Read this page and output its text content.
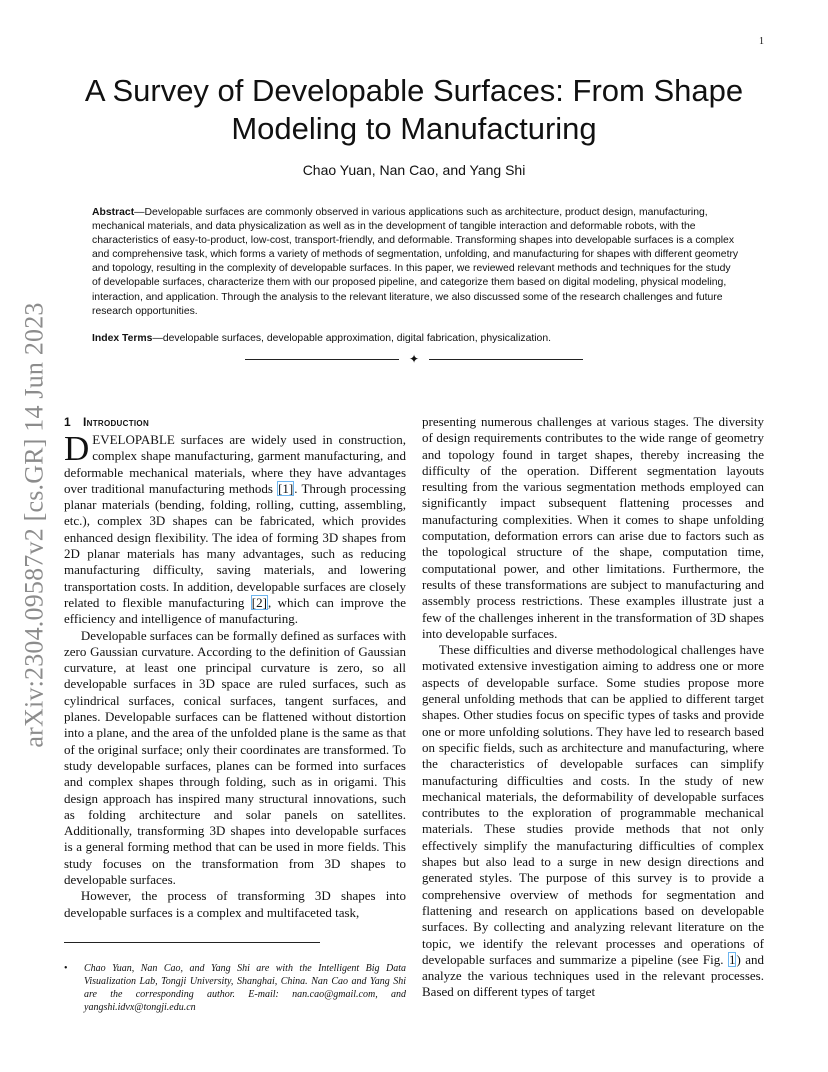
1
arXiv:2304.09587v2 [cs.GR] 14 Jun 2023
A Survey of Developable Surfaces: From Shape Modeling to Manufacturing
Chao Yuan, Nan Cao, and Yang Shi

Abstract—Developable surfaces are commonly observed in various applications such as architecture, product design, manufacturing, mechanical materials, and data physicalization as well as in the development of tangible interaction and deformable robots, with the characteristics of easy-to-product, low-cost, transport-friendly, and deformable. Transforming shapes into developable surfaces is a complex and comprehensive task, which forms a variety of methods of segmentation, unfolding, and manufacturing for shapes with different geometry and topology, resulting in the complexity of developable surfaces. In this paper, we reviewed relevant methods and techniques for the study of developable surfaces, characterize them with our proposed pipeline, and categorize them based on digital modeling, physical modeling, interaction, and application. Through the analysis to the relevant literature, we also discussed some of the research challenges and future research opportunities.

Index Terms—developable surfaces, developable approximation, digital fabrication, physicalization.

✦
1 Introduction

DEVELOPABLE surfaces are widely used in construction, complex shape manufacturing, garment manufacturing, and deformable mechanical materials, where they have advantages over traditional manufacturing methods [1]. Through processing planar materials (bending, folding, rolling, cutting, assembling, etc.), complex 3D shapes can be fabricated, which provides enhanced design flexibility. The idea of forming 3D shapes from 2D planar materials has many advantages, such as reducing manufacturing difficulty, saving materials, and lowering transportation costs. In addition, developable surfaces are closely related to flexible manufacturing [2], which can improve the efficiency and intelligence of manufacturing.

Developable surfaces can be formally defined as surfaces with zero Gaussian curvature. According to the definition of Gaussian curvature, at least one principal curvature is zero, so all developable surfaces in 3D space are ruled surfaces, such as cylindrical surfaces, conical surfaces, tangent surfaces, and planes. Developable surfaces can be flattened without distortion into a plane, and the area of the unfolded plane is the same as that of the original surface; only their coordinates are transformed. To study developable surfaces, planes can be formed into surfaces and complex shapes through folding, such as in origami. This design approach has inspired many structural innovations, such as folding architecture and solar panels on satellites. Additionally, transforming 3D shapes into developable surfaces is a general forming method that can be used in more fields. This study focuses on the transformation from 3D shapes to developable surfaces.

However, the process of transforming 3D shapes into developable surfaces is a complex and multifaceted task,

•	Chao Yuan, Nan Cao, and Yang Shi are with the Intelligent Big Data Visualization Lab, Tongji University, Shanghai, China. Nan Cao and Yang Shi are the corresponding author. E-mail: nan.cao@gmail.com, and yangshi.idvx@tongji.edu.cn

presenting numerous challenges at various stages. The diversity of design requirements contributes to the wide range of geometry and topology found in target shapes, thereby increasing the difficulty of the operation. Different segmentation layouts resulting from the various segmentation methods employed can significantly impact subsequent flattening processes and manufacturing complexities. When it comes to shape unfolding computation, deformation errors can arise due to factors such as the topological structure of the shape, computation time, computational power, and other limitations. Furthermore, the results of these transformations are subject to manufacturing and assembly process restrictions. These examples illustrate just a few of the challenges inherent in the transformation of 3D shapes into developable surfaces.

These difficulties and diverse methodological challenges have motivated extensive investigation aiming to address one or more aspects of developable surface. Some studies propose more general unfolding methods that can be applied to different target shapes. Other studies focus on specific types of tasks and provide one or more unfolding solutions. They have led to research based on specific fields, such as architecture and manufacturing, where the characteristics of developable surfaces can simplify manufacturing difficulties and costs. In the study of new mechanical materials, the deformability of developable surfaces contributes to the exploration of programmable mechanical materials. These studies provide methods that not only effectively simplify the manufacturing difficulties of complex shapes but also lead to a surge in new design directions and generated styles. The purpose of this survey is to provide a comprehensive overview of methods for segmentation and flattening and research on applications based on developable surfaces. By collecting and analyzing relevant literature on the topic, we identify the relevant processes and operations of developable surfaces and summarize a pipeline (see Fig. 1) and analyze the various techniques used in the relevant processes. Based on different types of target
